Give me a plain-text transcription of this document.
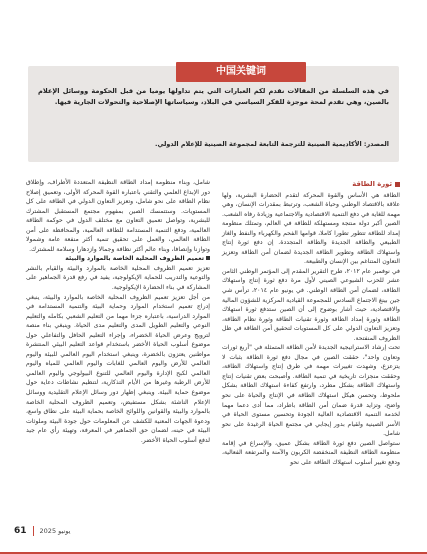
中国关键词
في هذه السلسلة من المقالات نقدم لكم العبارات التي يتم تداولها يوميا من قبل الحكومة ووسائل الإعلام بالصين، وهي تقدم لمحة موجزة للفكر السياسي في البلاد، وسياساتها الإصلاحية والتحولات الجارية فيها.
المصدر: الأكاديمية الصينية للترجمة التابعة لمجموعة الصينية للإعلام الدولي.
ثورة الطاقة

الطاقة هي الأساس والقوة المحركة لتقدم الحضارة البشرية، ولها علاقة بالاقتصاد الوطني وحياة الشعب، وترتبط بمقدرات الإنسان، وهي مهمة للغاية في دفع التنمية الاقتصادية والاجتماعية وزيادة رفاه الشعب. الصين أكبر دولة منتجة ومستهلكة للطاقة في العالم، وتمتلك منظومة إمداد للطاقة تتطور تطورا كاملا، قوامها الفحم والكهرباء والنفط والغاز الطبيعي والطاقة الجديدة والطاقة المتجددة. إن دفع ثورة إنتاج واستهلاك الطاقة وتطوير الطاقة الجديدة لضمان أمن الطاقة وتعزيز التعاون المتناغم بين الإنسان والطبيعة.

في نوفمبر عام ٢٠١٢، طرح التقرير المقدم إلى المؤتمر الوطني الثامن عشر للحزب الشيوعي الصيني لأول مرة دفع ثورة إنتاج واستهلاك الطاقة، لضمان أمن الطاقة الوطني. في يونيو عام ٢٠١٤، ترأس شي جين بينغ الاجتماع السادس للمجموعة القيادية المركزية للشؤون المالية والاقتصادية، حيث أشار بوضوح إلى أن الصين ستدفع ثورة استهلاك الطاقة وثورة إمداد الطاقة وثورة تقنيات الطاقة وثورة نظام الطاقة، وتعزيز التعاون الدولي على كل المستويات لتحقيق أمن الطاقة في ظل الظروف المنفتحة.

تحت إرشاد الاستراتيجية الجديدة لأمن الطاقة المتمثلة في "أربع ثورات وتعاون واحد"، حققت الصين في مجال دفع ثورة الطاقة بثبات لا يتزعزع، وشهدت تغييرات مهمة في طرق إنتاج واستهلاك الطاقة، وحققت منجزات تاريخية في تنمية الطاقة. وأصبحت بعض تقنيات إنتاج واستهلاك الطاقة بشكل مطرد، وارتفع كفاءة استهلاك الطاقة بشكل ملحوظ، وتحسن هيكل استهلاك الطاقة في الإنتاج والحياة على نحو واضح، وتزايد قدرة ضمان أمن الطاقة باطراد، مما أدى دعما مهما لخدمة التنمية الاقتصادية العالية الجودة وتحسين مستوى الحياة في الأسر الصينية ولقيام بدور إيجابي في مجتمع الحياة الرغيدة على نحو شامل.

ستواصل الصين دفع ثورة الطاقة بشكل عميق، والإسراع في إقامة منظومة الطاقة النظيفة المنخفضة الكربون والآمنة والمرتفعة الفعالية، ودفع تغيير أسلوب استهلاك الطاقة على نحو

شامل، وبناء منظومة إمداد الطاقة النظيفة المتعددة الأطراف، وإطلاق دور الإبداع العلمي والتقني باعتباره القوة المحركة الأولى، وتعميق إصلاح نظام الطاقة على نحو شامل، وتعزيز التعاون الدولي في الطاقة على كل المستويات. وستتمسك الصين بمفهوم مجتمع المستقبل المشترك للبشرية، وتواصل تعميق التعاون مع مختلف الدول في حوكمة الطاقة العالمية، ودفع التنمية المستدامة للطاقة العالمية، والمحافظة على أمن الطاقة العالمي، والعمل على تحقيق تنمية أكثر منفعة عامة وشمولا وتوازنا وإنصافا، وبناء عالم أكثر نظافة وجمالا وازدهارا وسلامة للمشترك.

تعميم الظروف المحلية الخاصة بالموارد والبيئة

تعزيز تعميم الظروف المحلية الخاصة بالموارد والبيئة والقيام بالنشر والتوعية والتدريب للحماية الإيكولوجية، يفيد في رفع قدرة الجماهير على المشاركة في بناء الحضارة الإيكولوجية.

من أجل تعزيز تعميم الظروف المحلية الخاصة بالموارد والبيئة، ينبغي إدراج تعميم استخدام الموارد وحماية البيئة والتنمية المستدامة في الموارد الدراسية، باعتباره جزءا مهما من التعليم الشعبي بكامله والتعليم النوعي والتعليم الطويل المدى والتعليم مدى الحياة. وينبغي بناء منصة لترويج وعرض الحياة الخضراء، وإجراء التعليم الحافل والتفاعلي حول موضوع أسلوب الحياة الأخضر باستخدام قواعد التعليم البيئي المنتشرة مواطنين يعتزون بالخضرة، وينبغي استخدام اليوم العالمي للبيئة واليوم العالمي للأرض واليوم العالمي للغابات واليوم العالمي للمياه واليوم العالمي لكبح الإدارة واليوم العالمي للتنوع البيولوجي واليوم العالمي للأرض الرطبة وغيرها من الأيام التذكارية، لتنظيم نشاطات دعاية حول موضوع حماية البيئة. وينبغي إظهار دور وسائل الإعلام التقليدية ووسائل الإعلام الناشئة بشكل مستفيض، وتعميم الظروف المحلية الخاصة بالموارد والبيئة والقوانين واللوائح الخاصة بحماية البيئة على نطاق واسع، ودعوة الجهات المعنية للكشف عن المعلومات حول جودة البيئة وملوثات البيئة في حينه، لضمان حق الجماهير في المعرفة، وتهيئة رأي عام جيد لدفع أسلوب الحياة الأخضر.

61 يونيو 2025
